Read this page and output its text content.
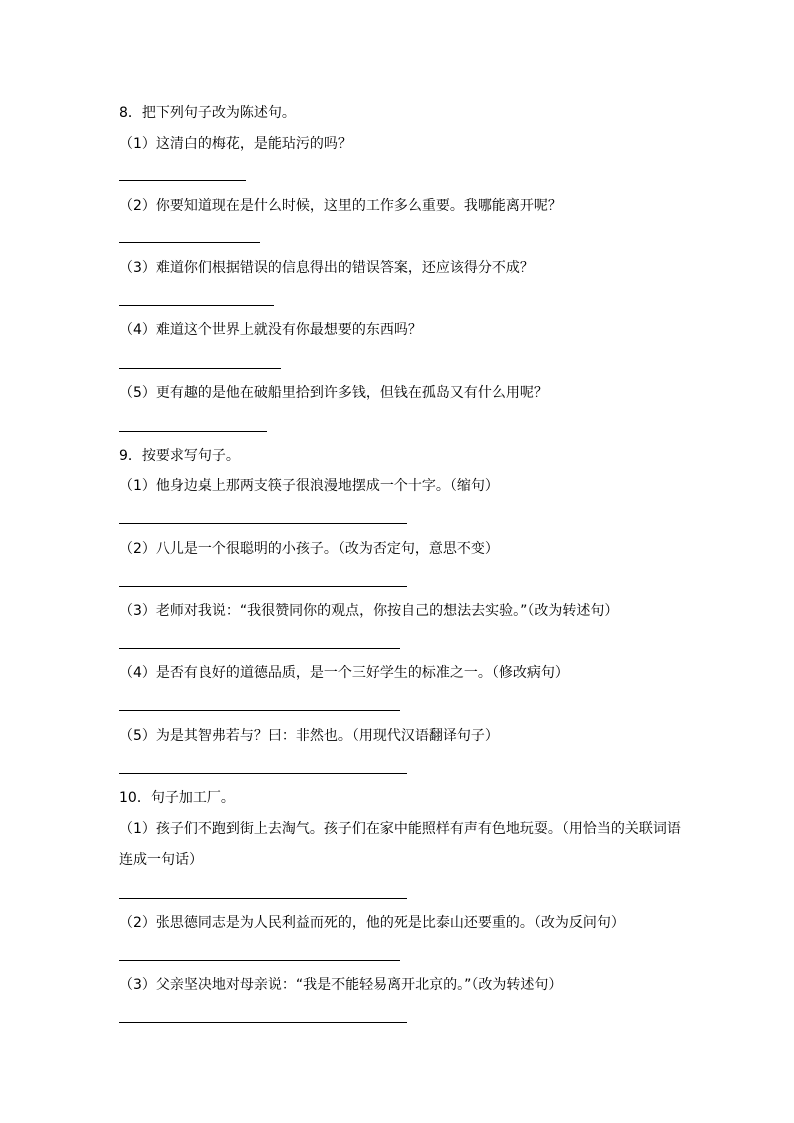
8．把下列句子改为陈述句。
（1）这清白的梅花，是能玷污的吗？
（2）你要知道现在是什么时候，这里的工作多么重要。我哪能离开呢？
（3）难道你们根据错误的信息得出的错误答案，还应该得分不成？
（4）难道这个世界上就没有你最想要的东西吗？
（5）更有趣的是他在破船里拾到许多钱，但钱在孤岛又有什么用呢？
9．按要求写句子。
（1）他身边桌上那两支筷子很浪漫地摆成一个十字。（缩句）
（2）八儿是一个很聪明的小孩子。（改为否定句，意思不变）
（3）老师对我说：“我很赞同你的观点，你按自己的想法去实验。”（改为转述句）
（4）是否有良好的道德品质，是一个三好学生的标准之一。（修改病句）
（5）为是其智弗若与？曰：非然也。（用现代汉语翻译句子）
10．句子加工厂。
（1）孩子们不跑到街上去淘气。孩子们在家中能照样有声有色地玩耍。（用恰当的关联词语
连成一句话）
（2）张思德同志是为人民利益而死的，他的死是比泰山还要重的。（改为反问句）
（3）父亲坚决地对母亲说：“我是不能轻易离开北京的。”（改为转述句）
